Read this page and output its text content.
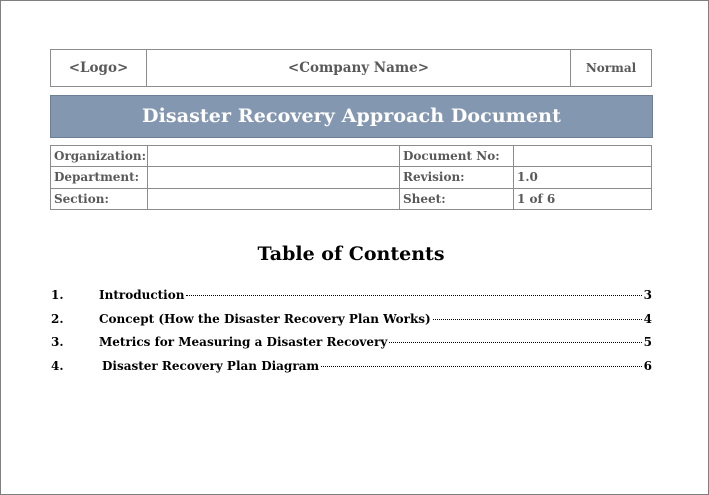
<Logo>	<Company Name>	Normal
Disaster Recovery Approach Document
Organization:		Document No:	
Department:		Revision:	1.0
Section:		Sheet:	1 of 6
Table of Contents
1.	Introduction	3
2.	Concept (How the Disaster Recovery Plan Works)	4
3.	Metrics for Measuring a Disaster Recovery	5
4.	Disaster Recovery Plan Diagram	6
